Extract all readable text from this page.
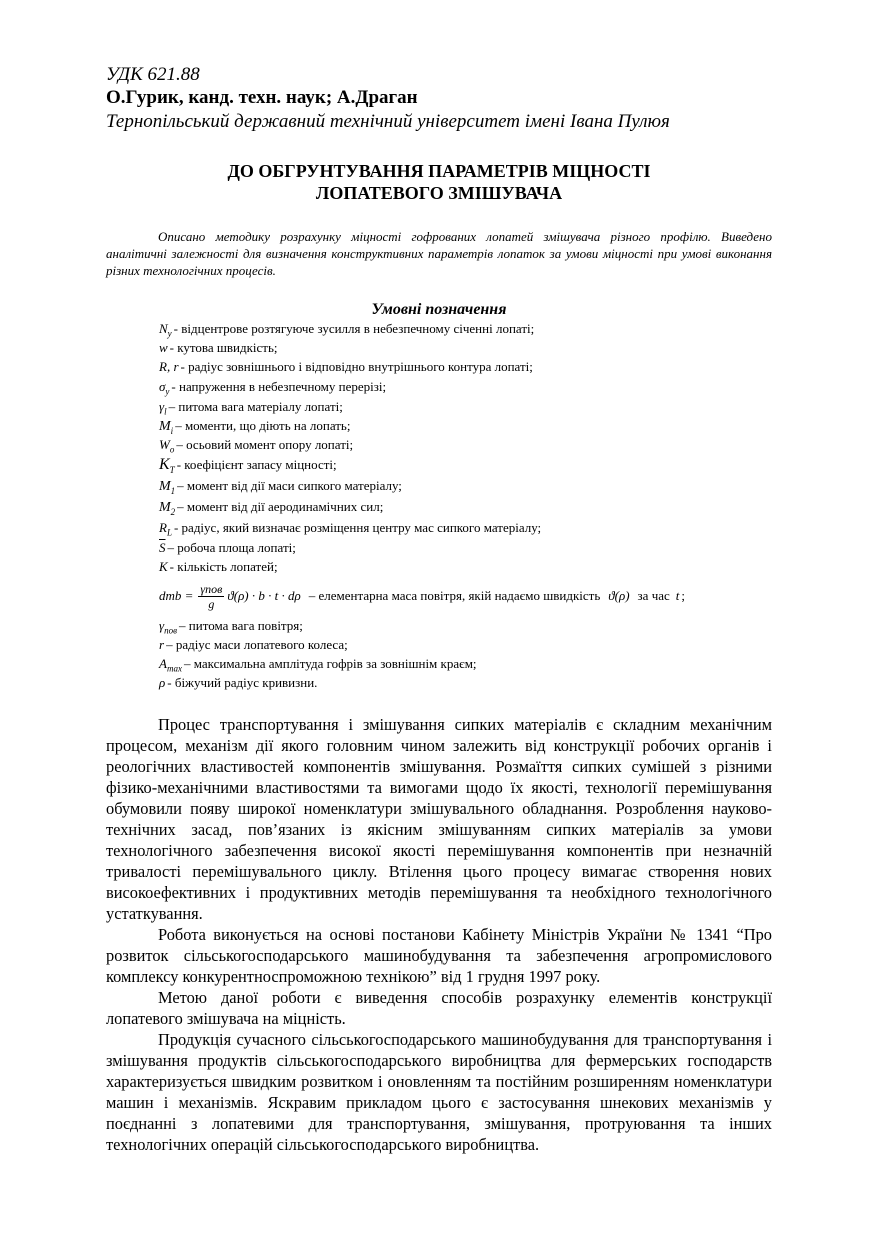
УДК 621.88
О.Гурик, канд. техн. наук; А.Драган
Тернопільський державний технічний університет імені Івана Пулюя
ДО ОБГРУНТУВАННЯ ПАРАМЕТРІВ МІЦНОСТІ
ЛОПАТЕВОГО ЗМІШУВАЧА
Описано методику розрахунку міцності гофрованих лопатей змішувача різного профілю. Виведено аналітичні залежності для визначення конструктивних параметрів лопаток за умови міцності при умові виконання різних технологічних процесів.
Умовні позначення
$N_у$ - відцентрове розтягуюче зусилля в небезпечному січенні лопаті;
w - кутова швидкість;
R, r - радіус зовнішнього і відповідно внутрішнього контура лопаті;
$\sigma_у$ - напруження в небезпечному перерізі;
$\gamma_l$ – питома вага матеріалу лопаті;
$M_i$ – моменти, що діють на лопать;
$W_o$ – осьовий момент опору лопаті;
$K_T$ - коефіцієнт запасу міцності;
$M_1$ – момент від дії маси сипкого матеріалу;
$M_2$ – момент від дії аеродинамічних сил;
$R_L$ - радіус, який визначає розміщення центру мас сипкого матеріалу;
$\overline{S}$ – робоча площа лопаті;
K - кількість лопатей;
dmb = $\frac{\text{γпов}}{g} ϑ(\rho) \cdot b \cdot t \cdot d\rho$ – елементарна маса повітря, якій надаємо швидкість ϑ(ρ) за час t ;
$\gamma_{пов}$ – питома вага повітря;
r – радіус маси лопатевого колеса;
$A_{max}$ – максимальна амплітуда гофрів за зовнішнім краєм;
ρ - біжучий радіус кривизни.

Процес транспортування і змішування сипких матеріалів є складним механічним процесом, механізм дії якого головним чином залежить від конструкції робочих органів і реологічних властивостей компонентів змішування. Розмаїття сипких сумішей з різними фізико-механічними властивостями та вимогами щодо їх якості, технології перемішування обумовили появу широкої номенклатури змішувального обладнання. Розроблення науково-технічних засад, пов’язаних із якісним змішуванням сипких матеріалів за умови технологічного забезпечення високої якості перемішування компонентів при незначній тривалості перемішувального циклу. Втілення цього процесу вимагає створення нових високоефективних і продуктивних методів перемішування та необхідного технологічного устаткування.

Робота виконується на основі постанови Кабінету Міністрів України № 1341 “Про розвиток сільськогосподарського машинобудування та забезпечення агропромислового комплексу конкурентноспроможною технікою” від 1 грудня 1997 року.

Метою даної роботи є виведення способів розрахунку елементів конструкції лопатевого змішувача на міцність.

Продукція сучасного сільськогосподарського машинобудування для транспортування і змішування продуктів сільськогосподарського виробництва для фермерських господарств характеризується швидким розвитком і оновленням та постійним розширенням номенклатури машин і механізмів. Яскравим прикладом цього є застосування шнекових механізмів у поєднанні з лопатевими для транспортування, змішування, протруювання та інших технологічних операцій сільськогосподарського виробництва.
